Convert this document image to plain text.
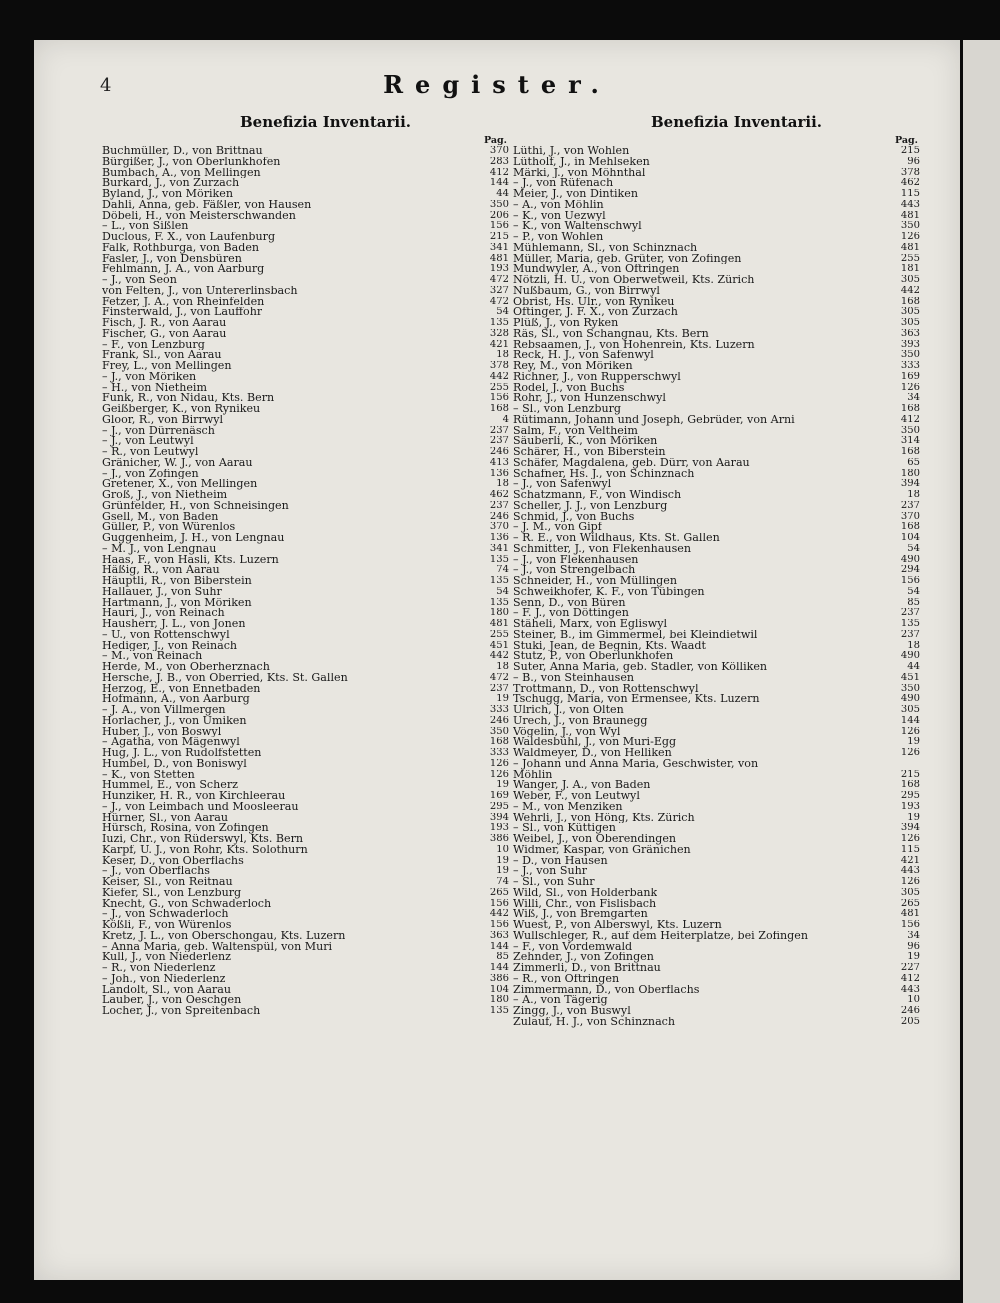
4	Register.
Benefizia Inventarii.
Pag.
Buchmüller, D., von Brittnau	370
Bürgißer, J., von Oberlunkhofen	283
Bumbach, A., von Mellingen	412
Burkard, J., von Zurzach	144
Byland, J., von Möriken	44
Dahli, Anna, geb. Fäßler, von Hausen	350
Döbeli, H., von Meisterschwanden	206
– L., von Sißlen	156
Duclous, F. X., von Laufenburg	215
Falk, Rothburga, von Baden	341
Fasler, J., von Densbüren	481
Fehlmann, J. A., von Aarburg	193
– J., von Seon	472
von Felten, J., von Untererlinsbach	327
Fetzer, J. A., von Rheinfelden	472
Finsterwald, J., von Lauffohr	54
Fisch, J. R., von Aarau	135
Fischer, G., von Aarau	328
– F., von Lenzburg	421
Frank, Sl., von Aarau	18
Frey, L., von Mellingen	378
– J., von Möriken	442
– H., von Nietheim	255
Funk, R., von Nidau, Kts. Bern	156
Geißberger, K., von Rynikeu	168
Gloor, R., von Birrwyl	4
– J., von Dürrenäsch	237
– J., von Leutwyl	237
– R., von Leutwyl	246
Gränicher, W. J., von Aarau	413
– J., von Zofingen	136
Gretener, X., von Mellingen	18
Groß, J., von Nietheim	462
Grünfelder, H., von Schneisingen	237
Gsell, M., von Baden	246
Güller, P., von Würenlos	370
Guggenheim, J. H., von Lengnau	136
– M. J., von Lengnau	341
Haas, F., von Hasli, Kts. Luzern	135
Häßig, R., von Aarau	74
Häuptli, R., von Biberstein	135
Hallauer, J., von Suhr	54
Hartmann, J., von Möriken	135
Hauri, J., von Reinach	180
Hausherr, J. L., von Jonen	481
– U., von Rottenschwyl	255
Hediger, J., von Reinach	451
– M., von Reinach	442
Herde, M., von Oberherznach	18
Hersche, J. B., von Oberried, Kts. St. Gallen	472
Herzog, E., von Ennetbaden	237
Hofmann, A., von Aarburg	19
– J. A., von Villmergen	333
Horlacher, J., von Umiken	246
Huber, J., von Boswyl	350
– Agatha, von Mägenwyl	168
Hug, J. L., von Rudolfstetten	333
Humbel, D., von Boniswyl	126
– K., von Stetten	126
Hummel, E., von Scherz	19
Hunziker, H. R., von Kirchleerau	169
– J., von Leimbach und Moosleerau	295
Hürner, Sl., von Aarau	394
Hürsch, Rosina, von Zofingen	193
Iuzi, Chr., von Rüderswyl, Kts. Bern	386
Karpf, U. J., von Rohr, Kts. Solothurn	10
Keser, D., von Oberflachs	19
– J., von Oberflachs	19
Keiser, Sl., von Reitnau	74
Kiefer, Sl., von Lenzburg	265
Knecht, G., von Schwaderloch	156
– J., von Schwaderloch	442
Kößli, F., von Würenlos	156
Kretz, J. L., von Oberschongau, Kts. Luzern	363
– Anna Maria, geb. Waltenspül, von Muri	144
Kull, J., von Niederlenz	85
– R., von Niederlenz	144
– Joh., von Niederlenz	386
Landolt, Sl., von Aarau	104
Lauber, J., von Oeschgen	180
Locher, J., von Spreitenbach	135
Benefizia Inventarii.
Pag.
Lüthi, J., von Wohlen	215
Lütholf, J., in Mehlseken	96
Märki, J., von Möhnthal	378
– J., von Rüfenach	462
Meier, J., von Dintiken	115
– A., von Möhlin	443
– K., von Uezwyl	481
– K., von Waltenschwyl	350
– P., von Wohlen	126
Mühlemann, Sl., von Schinznach	481
Müller, Maria, geb. Grüter, von Zofingen	255
Mundwyler, A., von Oftringen	181
Nötzli, H. U., von Oberwetweil, Kts. Zürich	305
Nußbaum, G., von Birrwyl	442
Obrist, Hs. Ulr., von Rynikeu	168
Oftinger, J. F. X., von Zurzach	305
Plüß, J., von Ryken	305
Räs, Sl., von Schangnau, Kts. Bern	363
Rebsaamen, J., von Hohenrein, Kts. Luzern	393
Reck, H. J., von Safenwyl	350
Rey, M., von Möriken	333
Richner, J., von Rupperschwyl	169
Rodel, J., von Buchs	126
Rohr, J., von Hunzenschwyl	34
– Sl., von Lenzburg	168
Rütimann, Johann und Joseph, Gebrüder, von Arni	412
Salm, F., von Veltheim	350
Säuberli, K., von Möriken	314
Schärer, H., von Biberstein	168
Schäfer, Magdalena, geb. Dürr, von Aarau	65
Schafner, Hs. J., von Schinznach	180
– J., von Safenwyl	394
Schatzmann, F., von Windisch	18
Scheller, J. J., von Lenzburg	237
Schmid, J., von Buchs	370
– J. M., von Gipf	168
– R. E., von Wildhaus, Kts. St. Gallen	104
Schmitter, J., von Flekenhausen	54
– J., von Flekenhausen	490
– J., von Strengelbach	294
Schneider, H., von Müllingen	156
Schweikhofer, K. F., von Tübingen	54
Senn, D., von Büren	85
– F. J., von Döttingen	237
Stäheli, Marx, von Egliswyl	135
Steiner, B., im Gimmermel, bei Kleindietwil	237
Stuki, Jean, de Begnin, Kts. Waadt	18
Stutz, P., von Oberlunkhofen	490
Suter, Anna Maria, geb. Stadler, von Kölliken	44
– B., von Steinhausen	451
Trottmann, D., von Rottenschwyl	350
Tschugg, Maria, von Ermensee, Kts. Luzern	490
Ulrich, J., von Olten	305
Urech, J., von Braunegg	144
Vögelin, J., von Wyl	126
Waldesbühl, J., von Muri-Egg	19
Waldmeyer, D., von Helliken	126
– Johann und Anna Maria, Geschwister, von
Möhlin	215
Wanger, J. A., von Baden	168
Weber, F., von Leutwyl	295
– M., von Menziken	193
Wehrli, J., von Höng, Kts. Zürich	19
– Sl., von Küttigen	394
Weibel, J., von Oberendingen	126
Widmer, Kaspar, von Gränichen	115
– D., von Hausen	421
– J., von Suhr	443
– Sl., von Suhr	126
Wild, Sl., von Holderbank	305
Willi, Chr., von Fislisbach	265
Wiß, J., von Bremgarten	481
Wuest, P., von Alberswyl, Kts. Luzern	156
Wullschleger, R., auf dem Heiterplatze, bei Zofingen	34
– F., von Vordemwald	96
Zehnder, J., von Zofingen	19
Zimmerli, D., von Brittnau	227
– R., von Oftringen	412
Zimmermann, D., von Oberflachs	443
– A., von Tägerig	10
Zingg, J., von Buswyl	246
Zulauf, H. J., von Schinznach	205
